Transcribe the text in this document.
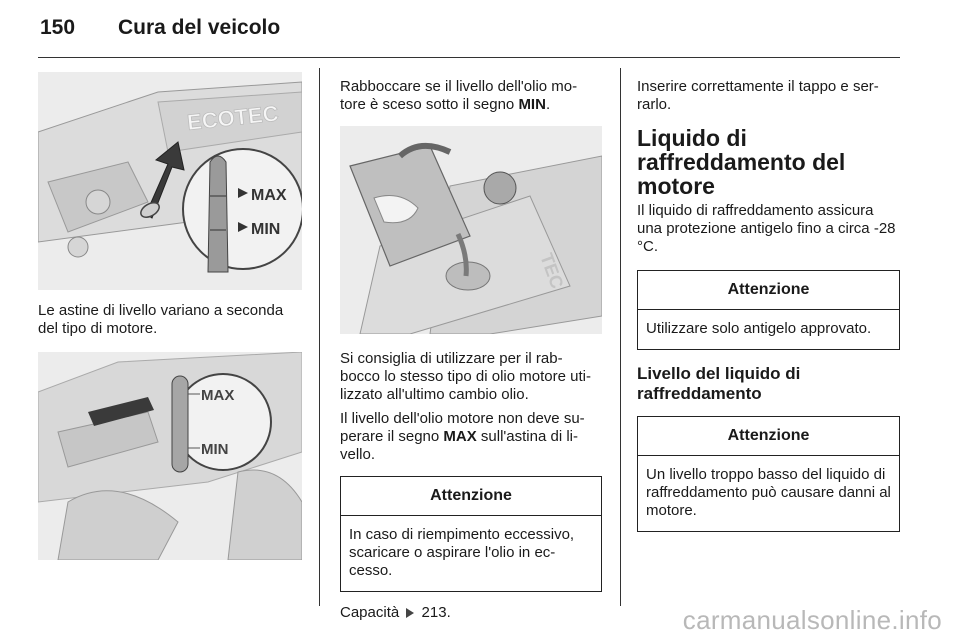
150 Cura del veicolo
ECOTEC
MAX
MIN

Le astine di livello variano a seconda del tipo di motore.

MAX
MIN

Rabboccare se il livello dell'olio mo-tore è sceso sotto il segno MIN.

TEC

Si consiglia di utilizzare per il rab-bocco lo stesso tipo di olio motore uti-lizzato all'ultimo cambio olio.

Il livello dell'olio motore non deve su-perare il segno MAX sull'astina di li-vello.

Attenzione
In caso di riempimento eccessivo, scaricare o aspirare l'olio in ec-cesso.

Capacità 213.

Inserire correttamente il tappo e ser-rarlo.

Liquido di raffreddamento del motore

Il liquido di raffreddamento assicura una protezione antigelo fino a circa -28 °C.

Attenzione
Utilizzare solo antigelo approvato.
Livello del liquido di raffreddamento
Attenzione
Un livello troppo basso del liquido di raffreddamento può causare danni al motore.
carmanualsonline.info
